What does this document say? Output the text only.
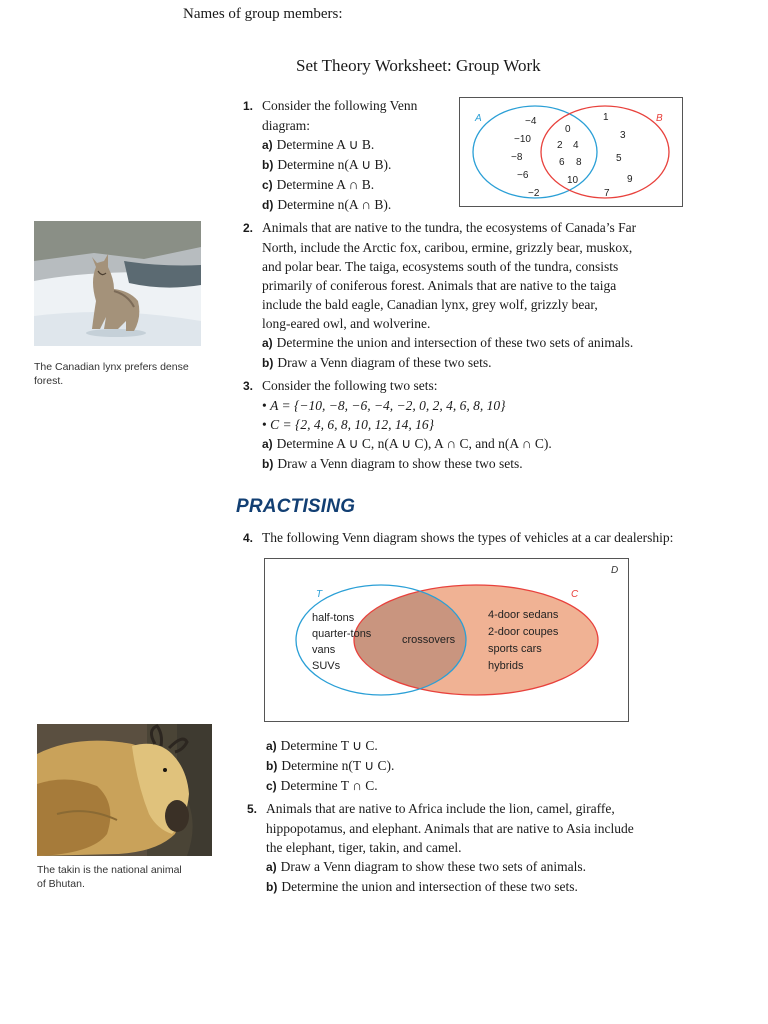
Names of group members:
Set Theory Worksheet: Group Work
1. Consider the following Venn
diagram:
a) Determine A ∪ B.
b) Determine n(A ∪ B).
c) Determine A ∩ B.
d) Determine n(A ∩ B).
A	B
−4
−10
−8
−6
−2
0
2 4
6 8
10
1
3
5
9
7
The Canadian lynx prefers dense
forest.
2. Animals that are native to the tundra, the ecosystems of Canada’s Far
North, include the Arctic fox, caribou, ermine, grizzly bear, muskox,
and polar bear. The taiga, ecosystems south of the tundra, consists
primarily of coniferous forest. Animals that are native to the taiga
include the bald eagle, Canadian lynx, grey wolf, grizzly bear,
long-eared owl, and wolverine.
a) Determine the union and intersection of these two sets of animals.
b) Draw a Venn diagram of these two sets.
3. Consider the following two sets:
• A = {−10, −8, −6, −4, −2, 0, 2, 4, 6, 8, 10}
• C = {2, 4, 6, 8, 10, 12, 14, 16}
a) Determine A ∪ C, n(A ∪ C), A ∩ C, and n(A ∩ C).
b) Draw a Venn diagram to show these two sets.
PRACTISING
4. The following Venn diagram shows the types of vehicles at a car dealership:
D
T	C
half-tons
quarter-tons
vans
SUVs
crossovers
4-door sedans
2-door coupes
sports cars
hybrids
The takin is the national animal
of Bhutan.
a) Determine T ∪ C.
b) Determine n(T ∪ C).
c) Determine T ∩ C.
5. Animals that are native to Africa include the lion, camel, giraffe,
hippopotamus, and elephant. Animals that are native to Asia include
the elephant, tiger, takin, and camel.
a) Draw a Venn diagram to show these two sets of animals.
b) Determine the union and intersection of these two sets.
